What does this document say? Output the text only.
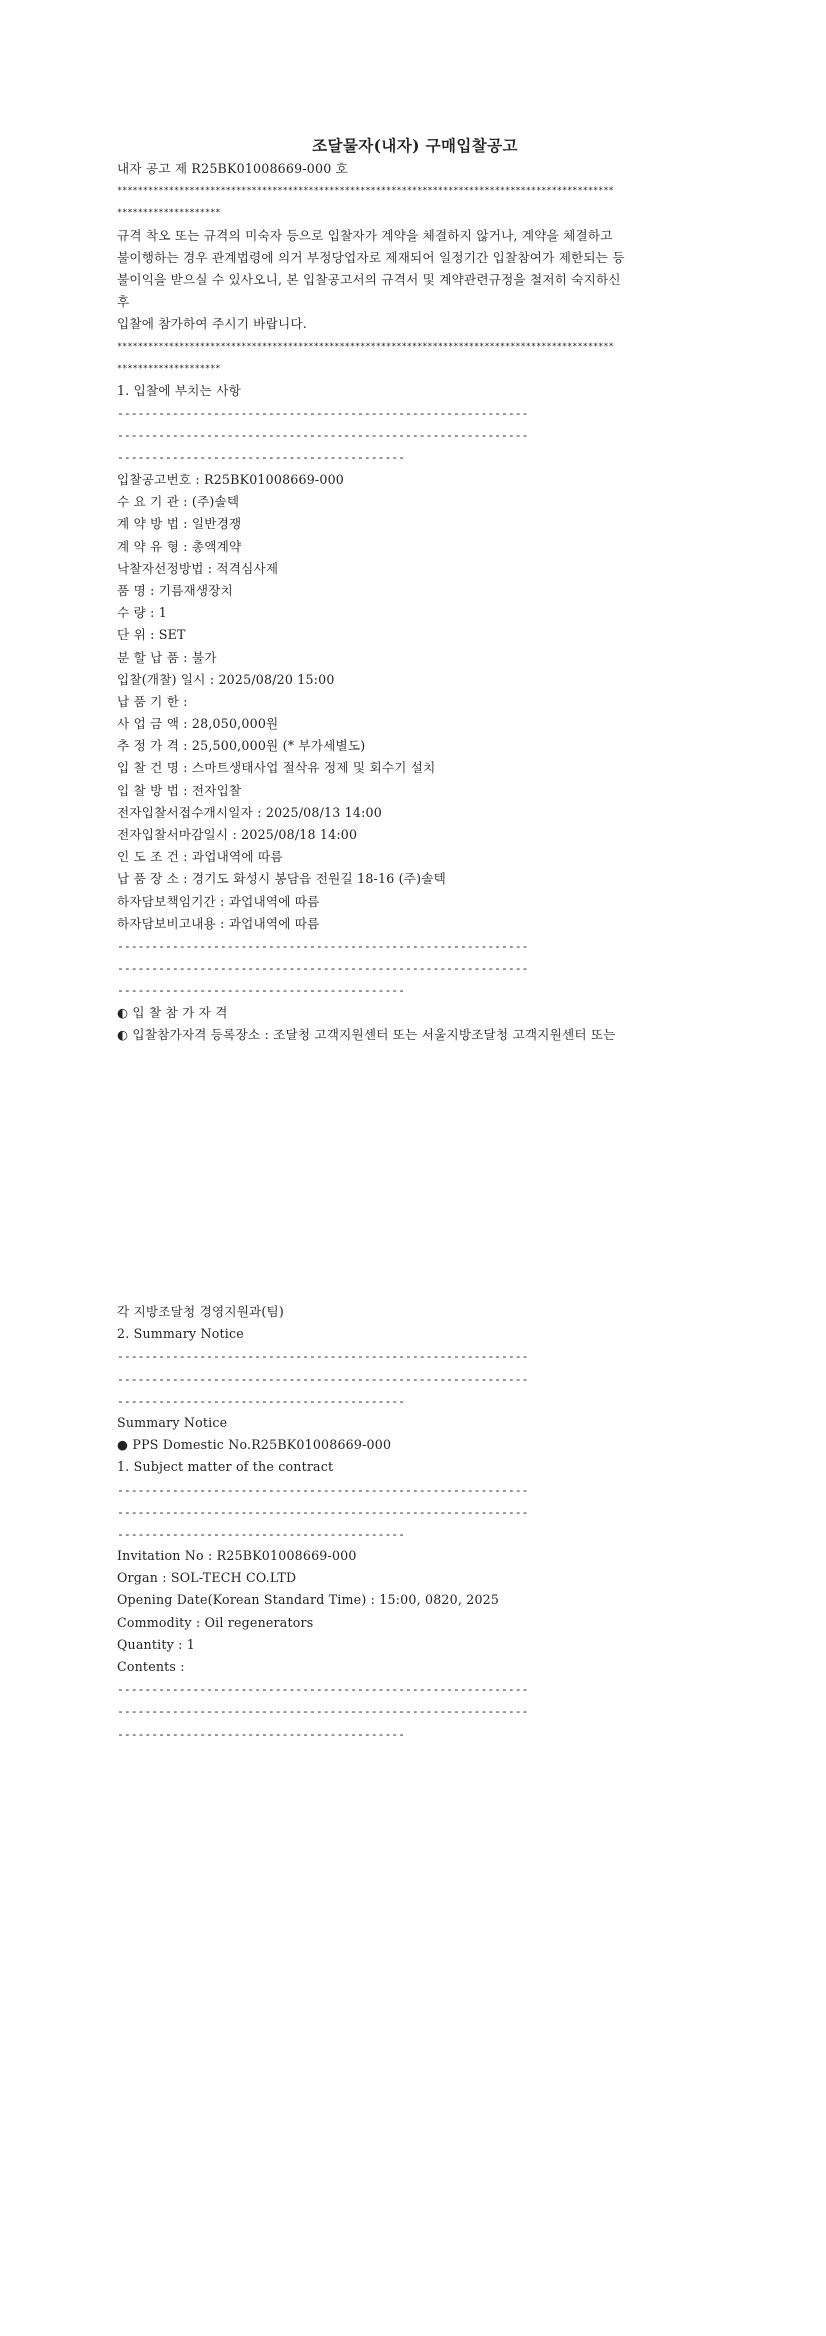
조달물자(내자) 구매입찰공고
내자 공고 제 R25BK01008669-000 호
************************************************************************************************
********************
규격 착오 또는 규격의 미숙자 등으로 입찰자가 계약을 체결하지 않거나, 계약을 체결하고
불이행하는 경우 관계법령에 의거 부정당업자로 제재되어 일정기간 입찰참여가 제한되는 등
불이익을 받으실 수 있사오니, 본 입찰공고서의 규격서 및 계약관련규정을 철저히 숙지하신
후
입찰에 참가하여 주시기 바랍니다.
************************************************************************************************
********************
1. 입찰에 부치는 사항
------------------------------------------------------------
------------------------------------------------------------
------------------------------------------
입찰공고번호 : R25BK01008669-000
수 요 기 관 : (주)솔텍
계 약 방 법 : 일반경쟁
계 약 유 형 : 총액계약
낙찰자선정방법 : 적격심사제
품 명 : 기름재생장치
수 량 : 1
단 위 : SET
분 할 납 품 : 불가
입찰(개찰) 일시 : 2025/08/20 15:00
납 품 기 한 :
사 업 금 액 : 28,050,000원
추 정 가 격 : 25,500,000원 (* 부가세별도)
입 찰 건 명 : 스마트생태사업 절삭유 정제 및 회수기 설치
입 찰 방 법 : 전자입찰
전자입찰서접수개시일자 : 2025/08/13 14:00
전자입찰서마감일시 : 2025/08/18 14:00
인 도 조 건 : 과업내역에 따름
납 품 장 소 : 경기도 화성시 봉담읍 전원길 18-16 (주)솔텍
하자담보책임기간 : 과업내역에 따름
하자담보비고내용 : 과업내역에 따름
------------------------------------------------------------
------------------------------------------------------------
------------------------------------------
◐ 입 찰 참 가 자 격
◐ 입찰참가자격 등록장소 : 조달청 고객지원센터 또는 서울지방조달청 고객지원센터 또는
각 지방조달청 경영지원과(팀)
2. Summary Notice
------------------------------------------------------------
------------------------------------------------------------
------------------------------------------
Summary Notice
● PPS Domestic No.R25BK01008669-000
1. Subject matter of the contract
------------------------------------------------------------
------------------------------------------------------------
------------------------------------------
Invitation No : R25BK01008669-000
Organ : SOL-TECH CO.LTD
Opening Date(Korean Standard Time) : 15:00, 0820, 2025
Commodity : Oil regenerators
Quantity : 1
Contents :
------------------------------------------------------------
------------------------------------------------------------
------------------------------------------
